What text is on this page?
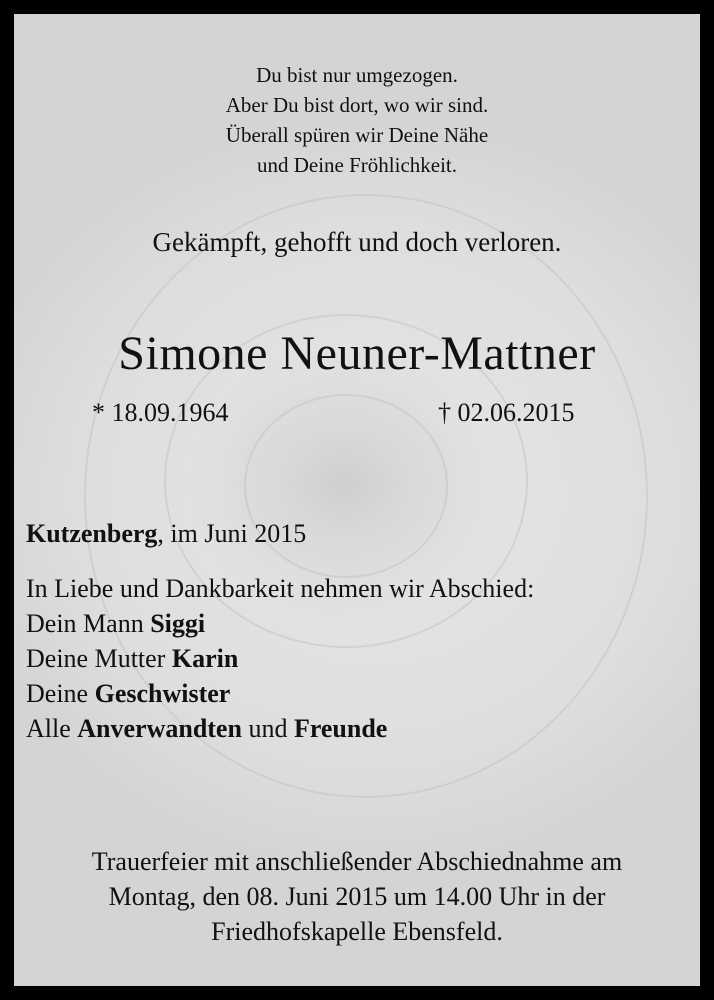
Du bist nur umgezogen.
Aber Du bist dort, wo wir sind.
Überall spüren wir Deine Nähe
und Deine Fröhlichkeit.
Gekämpft, gehofft und doch verloren.
Simone Neuner-Mattner
* 18.09.1964	† 02.06.2015
Kutzenberg, im Juni 2015
In Liebe und Dankbarkeit nehmen wir Abschied:
Dein Mann Siggi
Deine Mutter Karin
Deine Geschwister
Alle Anverwandten und Freunde
Trauerfeier mit anschließender Abschiednahme am
Montag, den 08. Juni 2015 um 14.00 Uhr in der
Friedhofskapelle Ebensfeld.
